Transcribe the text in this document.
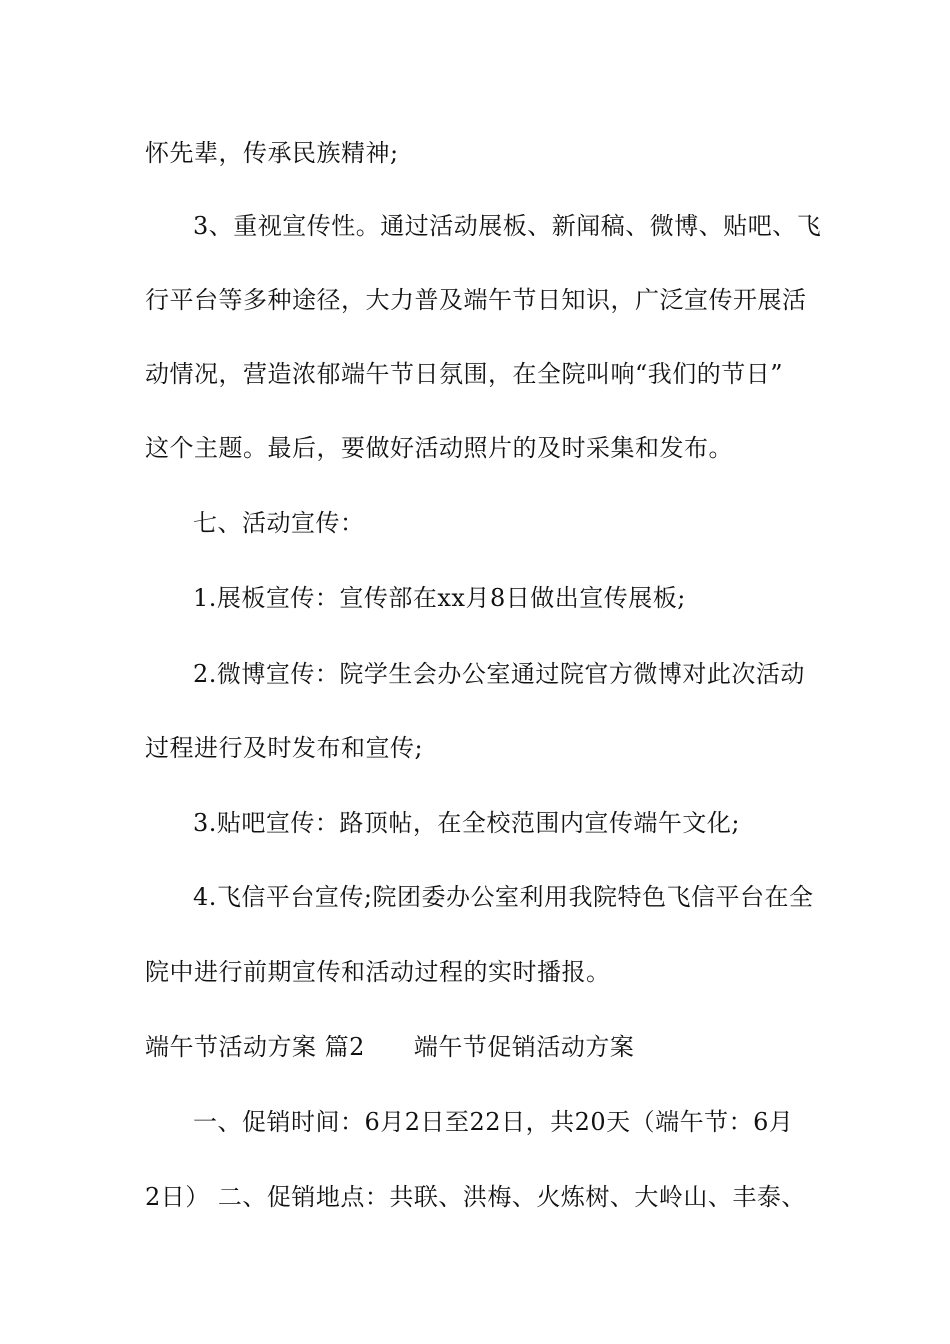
怀先辈，传承民族精神;
3、重视宣传性。通过活动展板、新闻稿、微博、贴吧、飞
行平台等多种途径，大力普及端午节日知识，广泛宣传开展活
动情况，营造浓郁端午节日氛围，在全院叫响“我们的节日”
这个主题。最后，要做好活动照片的及时采集和发布。
七、活动宣传：
1.展板宣传：宣传部在xx月8日做出宣传展板;
2.微博宣传：院学生会办公室通过院官方微博对此次活动
过程进行及时发布和宣传;
3.贴吧宣传：路顶帖，在全校范围内宣传端午文化;
4.飞信平台宣传;院团委办公室利用我院特色飞信平台在全
院中进行前期宣传和活动过程的实时播报。
端午节活动方案 篇2　　端午节促销活动方案
一、促销时间：6月2日至22日，共20天（端午节：6月
2日） 二、促销地点：共联、洪梅、火炼树、大岭山、丰泰、
